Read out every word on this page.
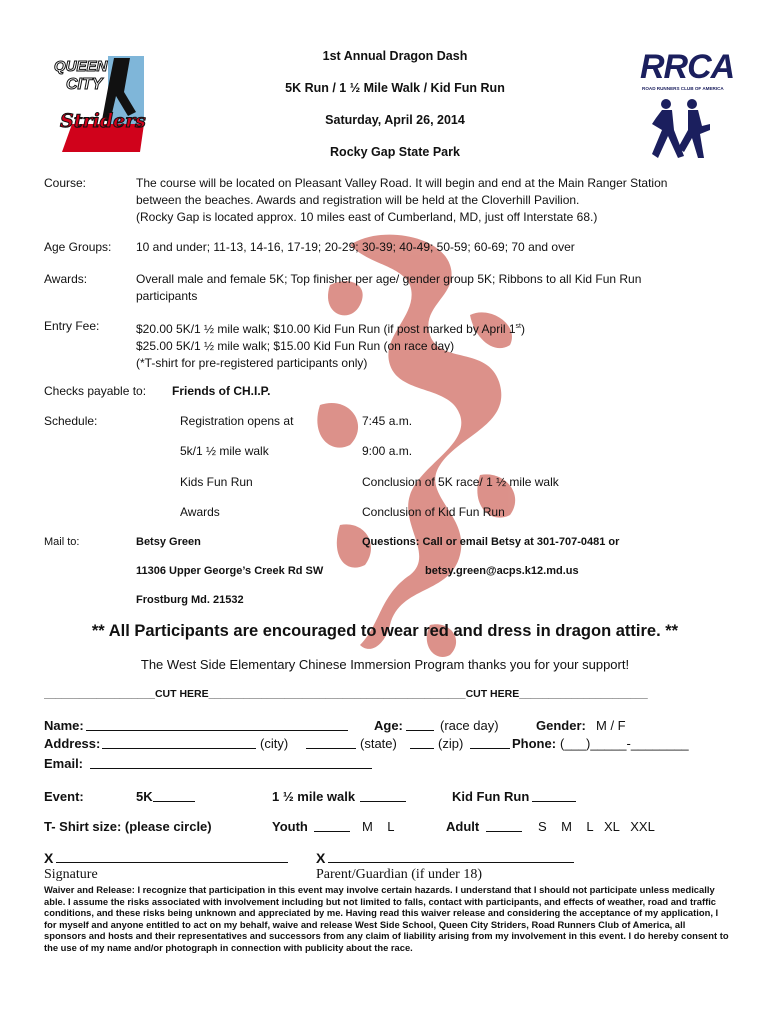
QUEEN
CITY
Striders
RRCA
ROAD RUNNERS CLUB OF AMERICA
1st Annual Dragon Dash
5K Run / 1 ½ Mile Walk / Kid Fun Run
Saturday, April 26, 2014
Rocky Gap State Park
Course:	The course will be located on Pleasant Valley Road. It will begin and end at the Main Ranger Station
between the beaches. Awards and registration will be held at the Cloverhill Pavilion.
(Rocky Gap is located approx. 10 miles east of Cumberland, MD, just off Interstate 68.)
Age Groups: 10 and under; 11-13, 14-16, 17-19; 20-29; 30-39; 40-49; 50-59; 60-69; 70 and over
Awards:	Overall male and female 5K; Top finisher per age/ gender group 5K; Ribbons to all Kid Fun Run
participants
Entry Fee:	$20.00 5K/1 ½ mile walk; $10.00 Kid Fun Run (if post marked by April 1st)
$25.00 5K/1 ½ mile walk; $15.00 Kid Fun Run (on race day)
(*T-shirt for pre-registered participants only)
Checks payable to: Friends of CH.I.P.
Schedule:	Registration opens at	7:45 a.m.
5k/1 ½ mile walk	9:00 a.m.
Kids Fun Run	Conclusion of 5K race/ 1 ½ mile walk
Awards	Conclusion of Kid Fun Run
Mail to:	Betsy Green
11306 Upper George’s Creek Rd SW
Frostburg Md. 21532
Questions: Call or email Betsy at 301-707-0481 or
betsy.green@acps.k12.md.us
** All Participants are encouraged to wear red and dress in dragon attire. **
The West Side Elementary Chinese Immersion Program thanks you for your support!
___________________CUT HERE____________________________________________CUT HERE______________________
Name:	Age:	(race day)	Gender: M / F
Address:	(city)	(state)	(zip)	Phone: (___)_____-________
Email:
Event:	5K	1 ½ mile walk	Kid Fun Run
T- Shirt size: (please circle)	Youth	M    L	Adult	S    M    L   XL   XXL
X
Signature
X
Parent/Guardian (if under 18)
Waiver and Release: I recognize that participation in this event may involve certain hazards. I understand that I should not participate unless medically able. I assume the risks associated with involvement including but not limited to falls, contact with participants, and effects of weather, road and traffic conditions, and these risks being unknown and appreciated by me. Having read this waiver release and considering the acceptance of my application, I for myself and anyone entitled to act on my behalf, waive and release West Side School, Queen City Striders, Road Runners Club of America, all sponsors and hosts and their representatives and successors from any claim of liability arising from my involvement in this event. I do hereby consent to the use of my name and/or photograph in connection with publicity about the race.
